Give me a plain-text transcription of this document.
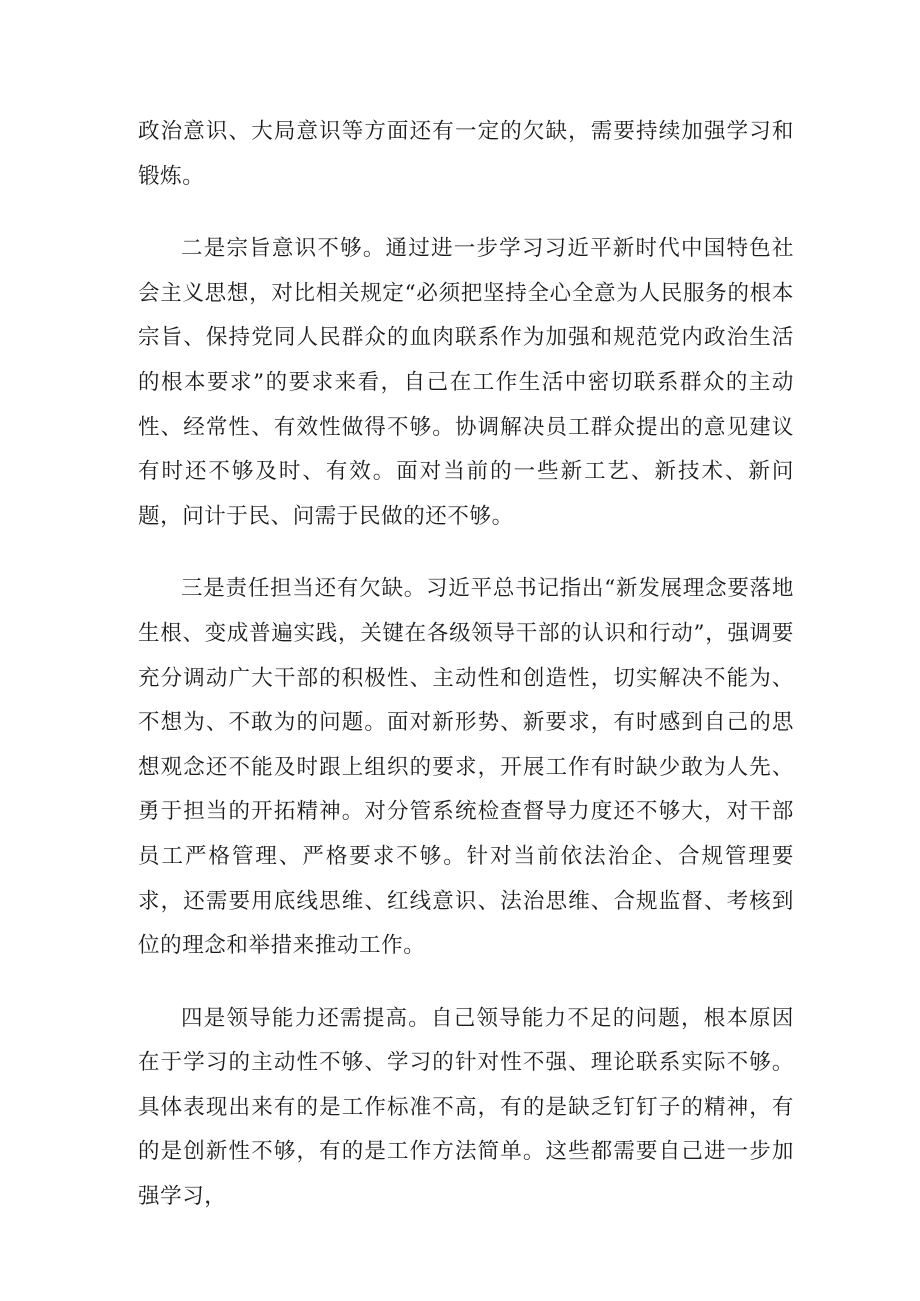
政治意识、大局意识等方面还有一定的欠缺，需要持续加强学习和锻炼。

二是宗旨意识不够。通过进一步学习习近平新时代中国特色社会主义思想，对比相关规定“必须把坚持全心全意为人民服务的根本宗旨、保持党同人民群众的血肉联系作为加强和规范党内政治生活的根本要求”的要求来看，自己在工作生活中密切联系群众的主动性、经常性、有效性做得不够。协调解决员工群众提出的意见建议有时还不够及时、有效。面对当前的一些新工艺、新技术、新问题，问计于民、问需于民做的还不够。

三是责任担当还有欠缺。习近平总书记指出“新发展理念要落地生根、变成普遍实践，关键在各级领导干部的认识和行动”，强调要充分调动广大干部的积极性、主动性和创造性，切实解决不能为、不想为、不敢为的问题。面对新形势、新要求，有时感到自己的思想观念还不能及时跟上组织的要求，开展工作有时缺少敢为人先、勇于担当的开拓精神。对分管系统检查督导力度还不够大，对干部员工严格管理、严格要求不够。针对当前依法治企、合规管理要求，还需要用底线思维、红线意识、法治思维、合规监督、考核到位的理念和举措来推动工作。

四是领导能力还需提高。自己领导能力不足的问题，根本原因在于学习的主动性不够、学习的针对性不强、理论联系实际不够。具体表现出来有的是工作标准不高，有的是缺乏钉钉子的精神，有的是创新性不够，有的是工作方法简单。这些都需要自己进一步加强学习，
